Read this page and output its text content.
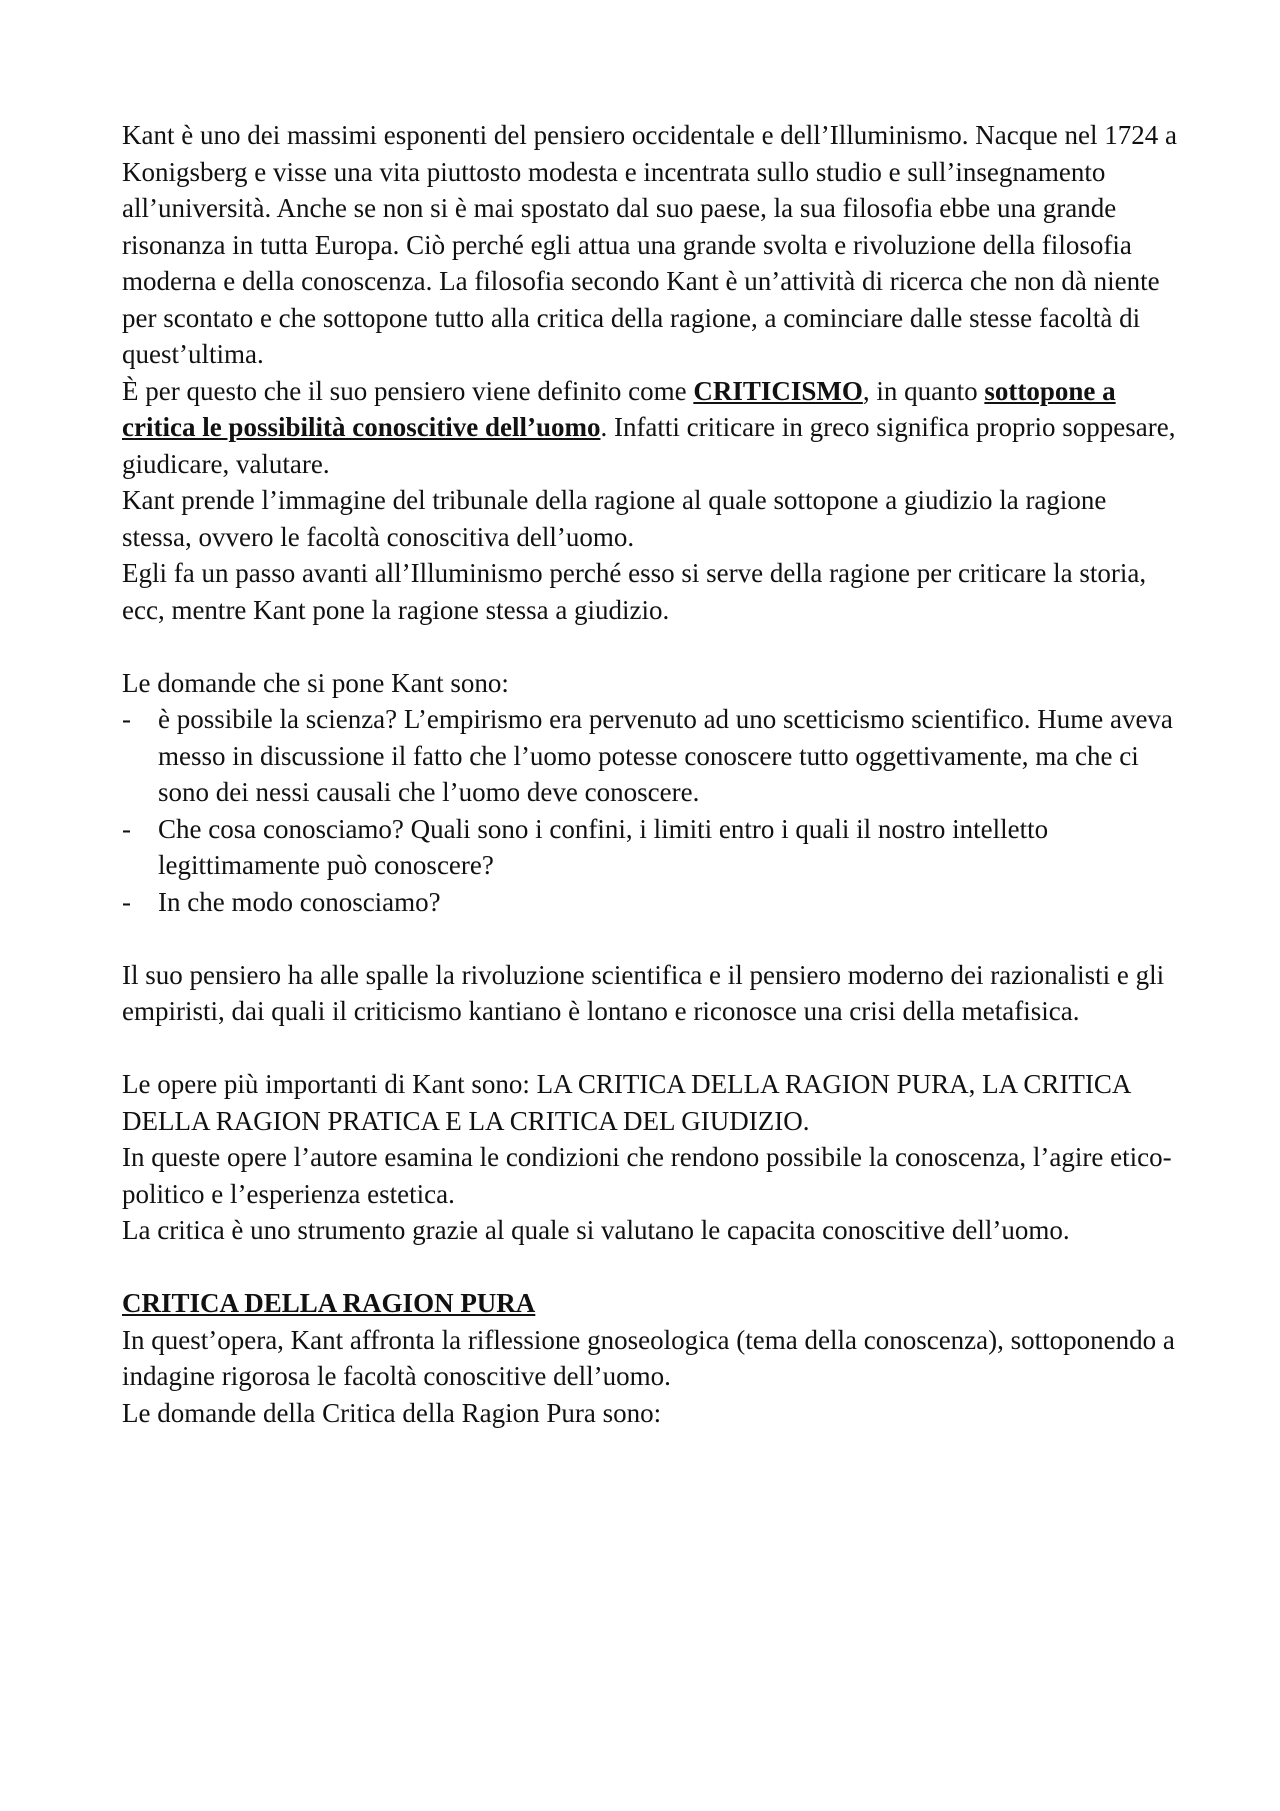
Kant è uno dei massimi esponenti del pensiero occidentale e dell’Illuminismo. Nacque nel 1724 a Konigsberg e visse una vita piuttosto modesta e incentrata sullo studio e sull’insegnamento all’università. Anche se non si è mai spostato dal suo paese, la sua filosofia ebbe una grande risonanza in tutta Europa. Ciò perché egli attua una grande svolta e rivoluzione della filosofia moderna e della conoscenza. La filosofia secondo Kant è un’attività di ricerca che non dà niente per scontato e che sottopone tutto alla critica della ragione, a cominciare dalle stesse facoltà di quest’ultima.

È per questo che il suo pensiero viene definito come CRITICISMO, in quanto sottopone a critica le possibilità conoscitive dell’uomo. Infatti criticare in greco significa proprio soppesare, giudicare, valutare.

Kant prende l’immagine del tribunale della ragione al quale sottopone a giudizio la ragione stessa, ovvero le facoltà conoscitiva dell’uomo.

Egli fa un passo avanti all’Illuminismo perché esso si serve della ragione per criticare la storia, ecc, mentre Kant pone la ragione stessa a giudizio.

Le domande che si pone Kant sono:

- è possibile la scienza? L’empirismo era pervenuto ad uno scetticismo scientifico. Hume aveva messo in discussione il fatto che l’uomo potesse conoscere tutto oggettivamente, ma che ci sono dei nessi causali che l’uomo deve conoscere.
- Che cosa conosciamo? Quali sono i confini, i limiti entro i quali il nostro intelletto legittimamente può conoscere?
- In che modo conosciamo?

Il suo pensiero ha alle spalle la rivoluzione scientifica e il pensiero moderno dei razionalisti e gli empiristi, dai quali il criticismo kantiano è lontano e riconosce una crisi della metafisica.

Le opere più importanti di Kant sono: LA CRITICA DELLA RAGION PURA, LA CRITICA DELLA RAGION PRATICA E LA CRITICA DEL GIUDIZIO.

In queste opere l’autore esamina le condizioni che rendono possibile la conoscenza, l’agire etico-politico e l’esperienza estetica.

La critica è uno strumento grazie al quale si valutano le capacita conoscitive dell’uomo.

CRITICA DELLA RAGION PURA

In quest’opera, Kant affronta la riflessione gnoseologica (tema della conoscenza), sottoponendo a indagine rigorosa le facoltà conoscitive dell’uomo.

Le domande della Critica della Ragion Pura sono:
